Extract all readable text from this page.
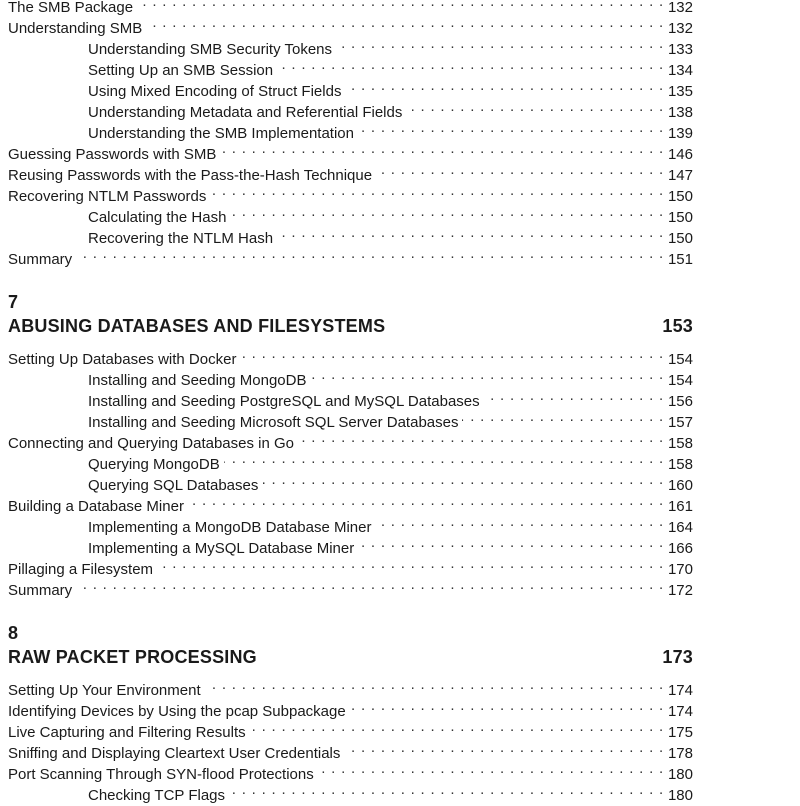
The SMB Package . . .	132
Understanding SMB . . .	132
Understanding SMB Security Tokens . . .	133
Setting Up an SMB Session . . .	134
Using Mixed Encoding of Struct Fields . . .	135
Understanding Metadata and Referential Fields . . .	138
Understanding the SMB Implementation . . .	139
Guessing Passwords with SMB . . .	146
Reusing Passwords with the Pass-the-Hash Technique . . .	147
Recovering NTLM Passwords . . .	150
Calculating the Hash . . .	150
Recovering the NTLM Hash . . .	150
Summary . . .	151
7
ABUSING DATABASES AND FILESYSTEMS	153
Setting Up Databases with Docker . . .	154
Installing and Seeding MongoDB . . .	154
Installing and Seeding PostgreSQL and MySQL Databases . . .	156
Installing and Seeding Microsoft SQL Server Databases . . .	157
Connecting and Querying Databases in Go . . .	158
Querying MongoDB . . .	158
Querying SQL Databases . . .	160
Building a Database Miner . . .	161
Implementing a MongoDB Database Miner . . .	164
Implementing a MySQL Database Miner . . .	166
Pillaging a Filesystem . . .	170
Summary . . .	172
8
RAW PACKET PROCESSING	173
Setting Up Your Environment . . .	174
Identifying Devices by Using the pcap Subpackage . . .	174
Live Capturing and Filtering Results . . .	175
Sniffing and Displaying Cleartext User Credentials . . .	178
Port Scanning Through SYN-flood Protections . . .	180
Checking TCP Flags . . .	180
